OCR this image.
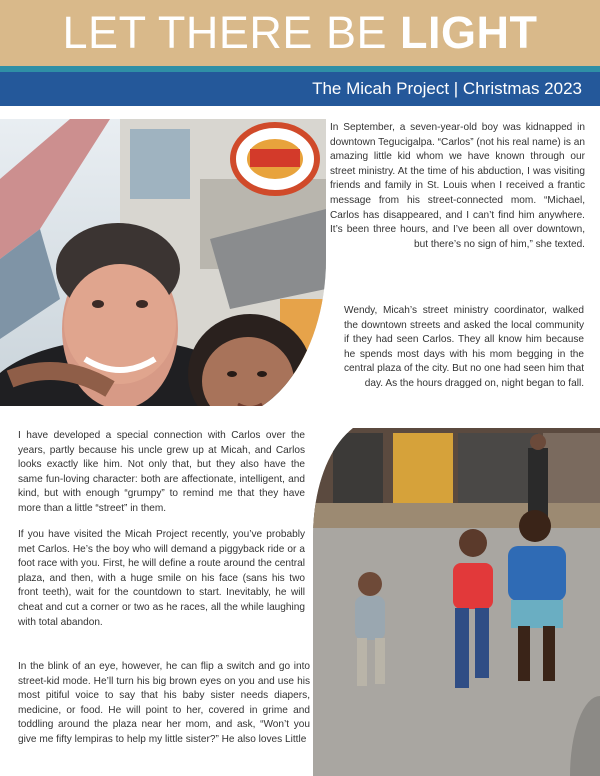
LET THERE BE LIGHT
The Micah Project | Christmas 2023

In September, a seven-year-old boy was kidnapped in downtown Tegucigalpa. “Carlos” (not his real name) is an amazing little kid whom we have known through our street ministry. At the time of his abduction, I was visiting friends and family in St. Louis when I received a frantic message from his street-connected mom. “Michael, Carlos has disappeared, and I can’t find him anywhere. It’s been three hours, and I’ve been all over downtown, but there’s no sign of him,” she texted.

Wendy, Micah’s street ministry coordinator, walked the downtown streets and asked the local community if they had seen Carlos. They all know him because he spends most days with his mom begging in the central plaza of the city. But no one had seen him that day. As the hours dragged on, night began to fall.

I have developed a special connection with Carlos over the years, partly because his uncle grew up at Micah, and Carlos looks exactly like him. Not only that, but they also have the same fun-loving character: both are affectionate, intelligent, and kind, but with enough “grumpy” to remind me that they have more than a little “street” in them.

If you have visited the Micah Project recently, you’ve probably met Carlos. He’s the boy who will demand a piggyback ride or a foot race with you. First, he will define a route around the central plaza, and then, with a huge smile on his face (sans his two front teeth), wait for the countdown to start. Inevitably, he will cheat and cut a corner or two as he races, all the while laughing with total abandon.

In the blink of an eye, however, he can flip a switch and go into street-kid mode. He’ll turn his big brown eyes on you and use his most pitiful voice to say that his baby sister needs diapers, medicine, or food. He will point to her, covered in grime and toddling around the plaza near her mom, and ask, “Won’t you give me fifty lempiras to help my little sister?” He also loves Little
